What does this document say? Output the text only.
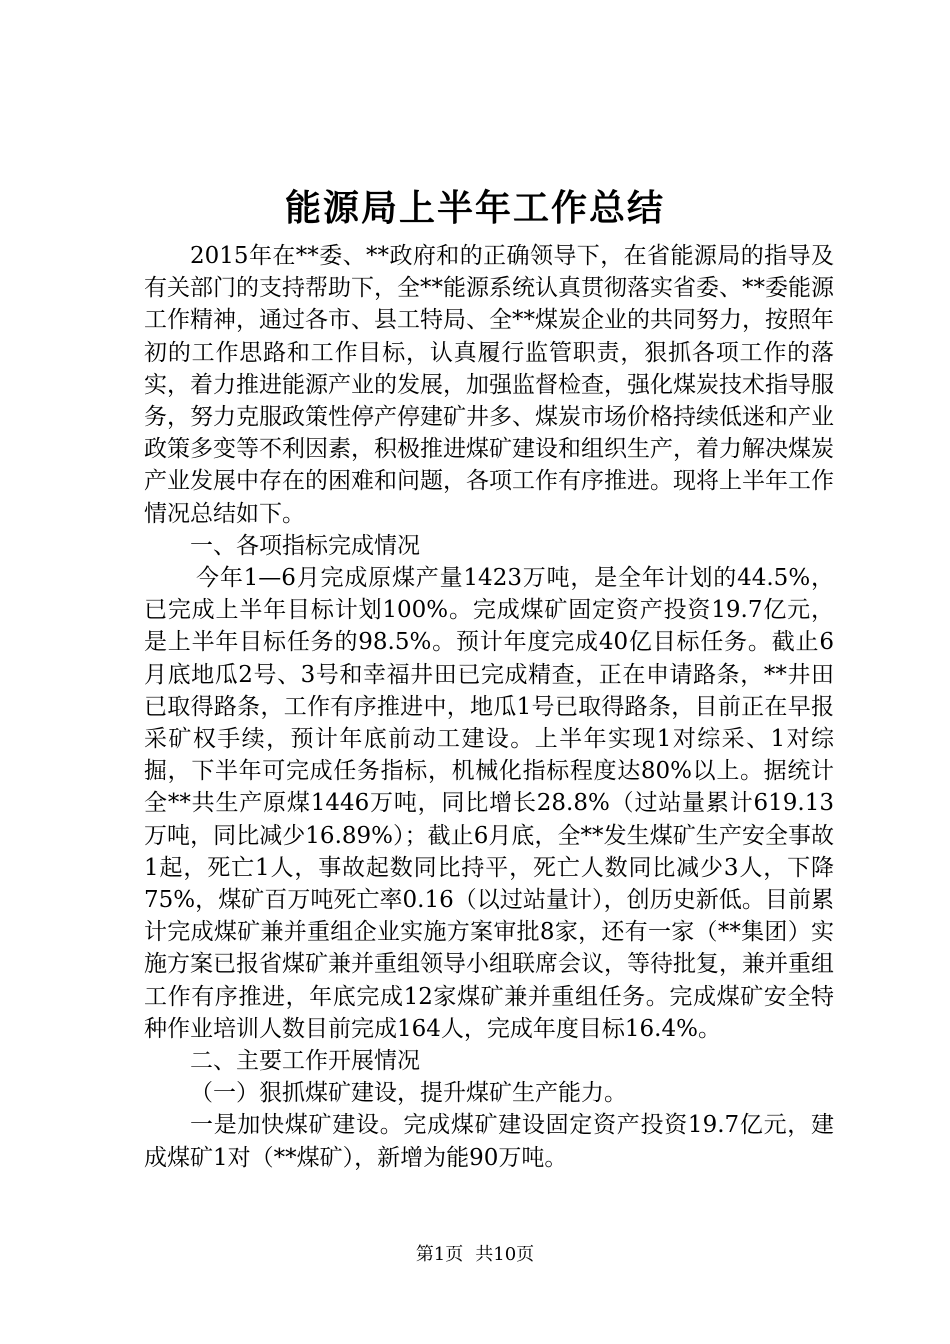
能源局上半年工作总结

2015年在**委、**政府和的正确领导下，在省能源局的指导及有关部门的支持帮助下，全**能源系统认真贯彻落实省委、**委能源工作精神，通过各市、县工特局、全**煤炭企业的共同努力，按照年初的工作思路和工作目标，认真履行监管职责，狠抓各项工作的落实，着力推进能源产业的发展，加强监督检查，强化煤炭技术指导服务，努力克服政策性停产停建矿井多、煤炭市场价格持续低迷和产业政策多变等不利因素，积极推进煤矿建设和组织生产，着力解决煤炭产业发展中存在的困难和问题，各项工作有序推进。现将上半年工作情况总结如下。

一、各项指标完成情况

今年1—6月完成原煤产量1423万吨，是全年计划的44.5%，已完成上半年目标计划100%。完成煤矿固定资产投资19.7亿元，是上半年目标任务的98.5%。预计年度完成40亿目标任务。截止6月底地瓜2号、3号和幸福井田已完成精查，正在申请路条，**井田已取得路条，工作有序推进中，地瓜1号已取得路条，目前正在早报采矿权手续，预计年底前动工建设。上半年实现1对综采、1对综掘，下半年可完成任务指标，机械化指标程度达80%以上。据统计全**共生产原煤1446万吨，同比增长28.8%（过站量累计619.13万吨，同比减少16.89%）；截止6月底，全**发生煤矿生产安全事故1起，死亡1人，事故起数同比持平，死亡人数同比减少3人，下降75%，煤矿百万吨死亡率0.16（以过站量计），创历史新低。目前累计完成煤矿兼并重组企业实施方案审批8家，还有一家（**集团）实施方案已报省煤矿兼并重组领导小组联席会议，等待批复，兼并重组工作有序推进，年底完成12家煤矿兼并重组任务。完成煤矿安全特种作业培训人数目前完成164人，完成年度目标16.4%。

二、主要工作开展情况

（一）狠抓煤矿建设，提升煤矿生产能力。

一是加快煤矿建设。完成煤矿建设固定资产投资19.7亿元，建成煤矿1对（**煤矿），新增为能90万吨。

第1页 共10页
